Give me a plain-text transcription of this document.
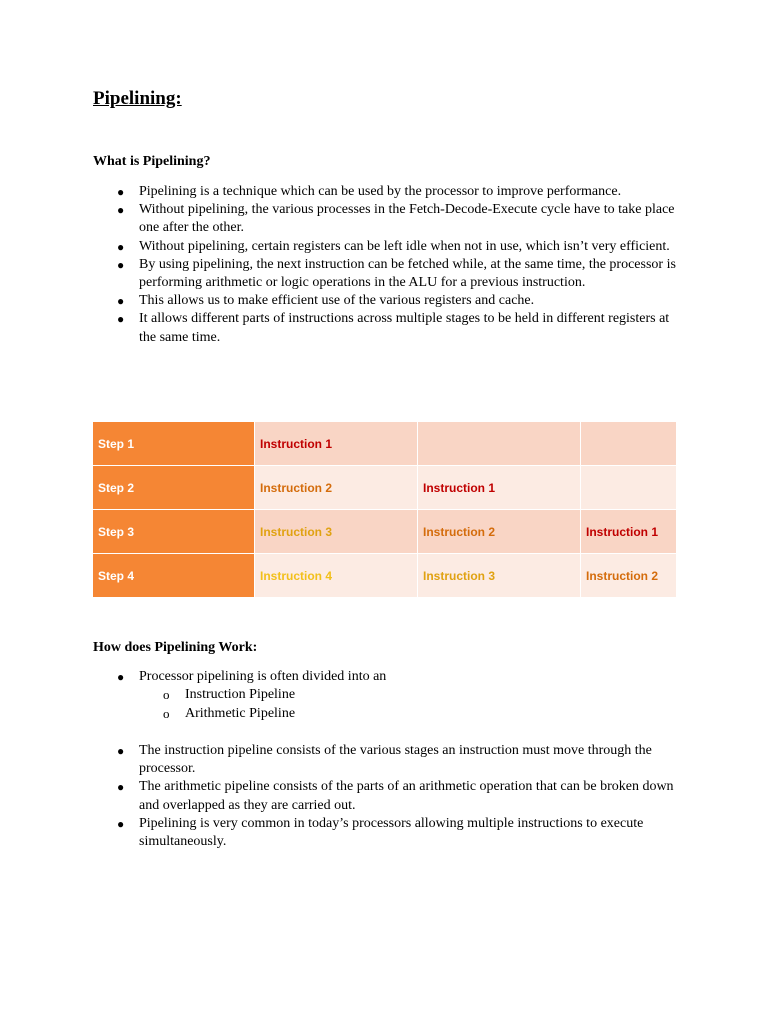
Pipelining:
What is Pipelining?
● Pipelining is a technique which can be used by the processor to improve performance.
● Without pipelining, the various processes in the Fetch-Decode-Execute cycle have to take place one after the other.
● Without pipelining, certain registers can be left idle when not in use, which isn’t very efficient.
● By using pipelining, the next instruction can be fetched while, at the same time, the processor is performing arithmetic or logic operations in the ALU for a previous instruction.
● This allows us to make efficient use of the various registers and cache.
● It allows different parts of instructions across multiple stages to be held in different registers at the same time.
Step 1	Instruction 1		
Step 2	Instruction 2	Instruction 1	
Step 3	Instruction 3	Instruction 2	Instruction 1
Step 4	Instruction 4	Instruction 3	Instruction 2
How does Pipelining Work:
● Processor pipelining is often divided into an
o Instruction Pipeline
o Arithmetic Pipeline
● The instruction pipeline consists of the various stages an instruction must move through the processor.
● The arithmetic pipeline consists of the parts of an arithmetic operation that can be broken down and overlapped as they are carried out.
● Pipelining is very common in today’s processors allowing multiple instructions to execute simultaneously.
